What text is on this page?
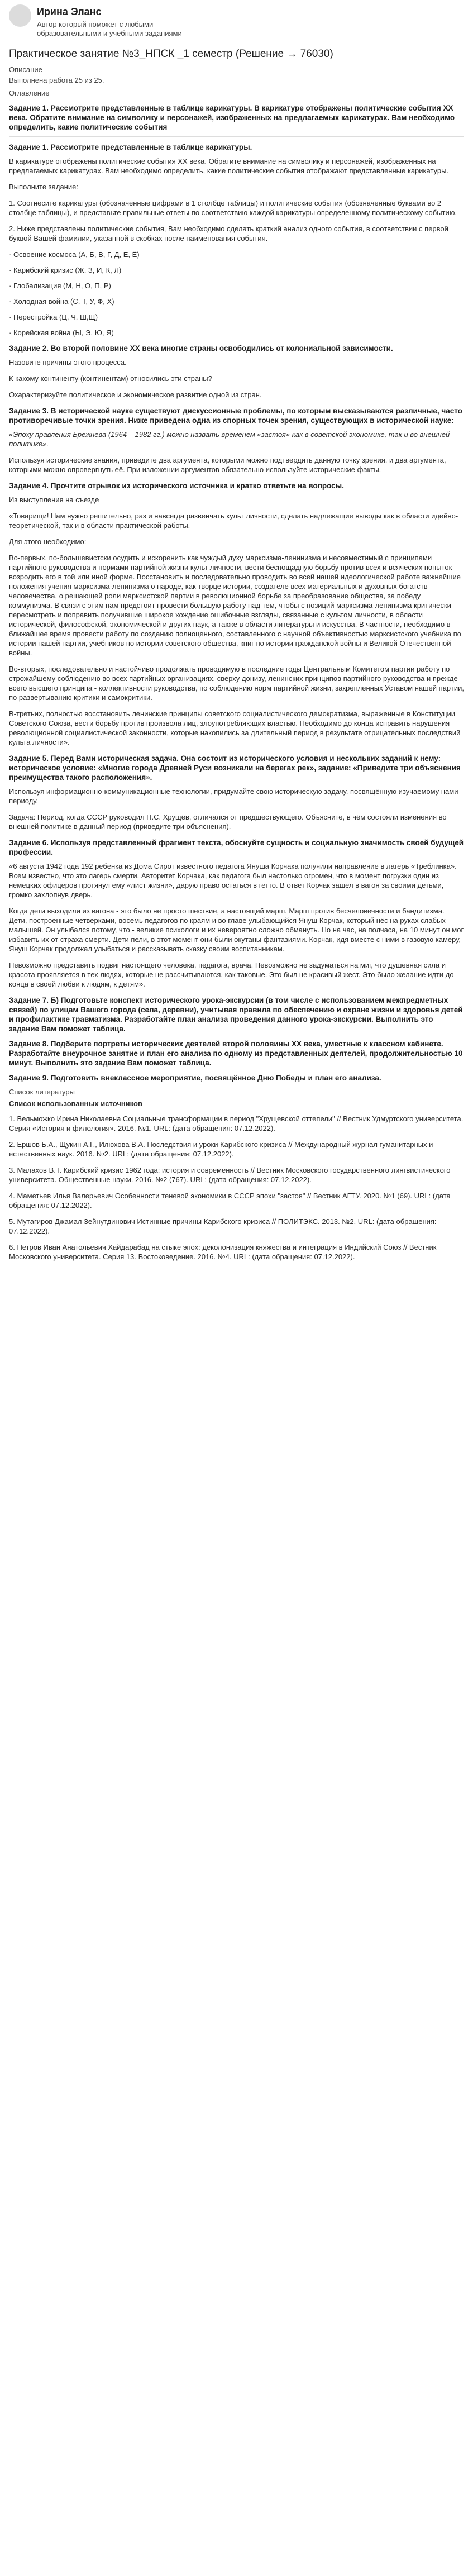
Ирина Эланс
Автор который поможет с любыми образовательными и учебными заданиями
Практическое занятие №3_НПСК _1 семестр (Решение → 76030)
Описание
Выполнена работа 25 из 25.
Оглавление
Задание 1. Рассмотрите представленные в таблице карикатуры. В карикатуре отображены политические события ХХ века. Обратите внимание на символику и персонажей, изображенных на предлагаемых карикатурах. Вам необходимо определить, какие политические события
Задание 1. Рассмотрите представленные в таблице карикатуры.

В карикатуре отображены политические события ХХ века. Обратите внимание на символику и персонажей, изображенных на предлагаемых карикатурах. Вам необходимо определить, какие политические события отображают представленные карикатуры.

Выполните задание:

1. Соотнесите карикатуры (обозначенные цифрами в 1 столбце таблицы) и политические события (обозначенные буквами во 2 столбце таблицы), и представьте правильные ответы по соответствию каждой карикатуры определенному политическому событию.

2. Ниже представлены политические события, Вам необходимо сделать краткий анализ одного события, в соответствии с первой буквой Вашей фамилии, указанной в скобках после наименования события.

· Освоение космоса (А, Б, В, Г, Д, Е, Ё)
· Карибский кризис (Ж, З, И, К, Л)
· Глобализация (М, Н, О, П, Р)
· Холодная война (С, Т, У, Ф, Х)
· Перестройка (Ц, Ч, Ш,Щ)
· Корейская война (Ы, Э, Ю, Я)
Задание 2. Во второй половине ХХ века многие страны освободились от колониальной зависимости.

Назовите причины этого процесса.

К какому континенту (континентам) относились эти страны?

Охарактеризуйте политическое и экономическое развитие одной из стран.

Задание 3. В исторической науке существуют дискуссионные проблемы, по которым высказываются различные, часто противоречивые точки зрения. Ниже приведена одна из спорных точек зрения, существующих в исторической науке:

«Эпоху правления Брежнева (1964 – 1982 гг.) можно назвать временем «застоя» как в советской экономике, так и во внешней политике».

Используя исторические знания, приведите два аргумента, которыми можно подтвердить данную точку зрения, и два аргумента, которыми можно опровергнуть её. При изложении аргументов обязательно используйте исторические факты.

Задание 4. Прочтите отрывок из исторического источника и кратко ответьте на вопросы.

Из выступления на съезде

«Товарищи! Нам нужно решительно, раз и навсегда развенчать культ личности, сделать надлежащие выводы как в области идейно-теоретической, так и в области практической работы.

Для этого необходимо:

Во-первых, по-большевистски осудить и искоренить как чуждый духу марксизма-ленинизма и несовместимый с принципами партийного руководства и нормами партийной жизни культ личности, вести беспощадную борьбу против всех и всяческих попыток возродить его в той или иной форме. Восстановить и последовательно проводить во всей нашей идеологической работе важнейшие положения учения марксизма-ленинизма о народе, как творце истории, создателе всех материальных и духовных богатств человечества, о решающей роли марксистской партии в революционной борьбе за преобразование общества, за победу коммунизма. В связи с этим нам предстоит провести большую работу над тем, чтобы с позиций марксизма-ленинизма критически пересмотреть и поправить получившие широкое хождение ошибочные взгляды, связанные с культом личности, в области исторической, философской, экономической и других наук, а также в области литературы и искусства. В частности, необходимо в ближайшее время провести работу по созданию полноценного, составленного с научной объективностью марксистского учебника по истории нашей партии, учебников по истории советского общества, книг по истории гражданской войны и Великой Отечественной войны.

Во-вторых, последовательно и настойчиво продолжать проводимую в последние годы Центральным Комитетом партии работу по строжайшему соблюдению во всех партийных организациях, сверху донизу, ленинских принципов партийного руководства и прежде всего высшего принципа - коллективности руководства, по соблюдению норм партийной жизни, закрепленных Уставом нашей партии, по развертыванию критики и самокритики.

В-третьих, полностью восстановить ленинские принципы советского социалистического демократизма, выраженные в Конституции Советского Союза, вести борьбу против произвола лиц, злоупотребляющих властью. Необходимо до конца исправить нарушения революционной социалистической законности, которые накопились за длительный период в результате отрицательных последствий культа личности».

Задание 5. Перед Вами историческая задача. Она состоит из исторического условия и нескольких заданий к нему: историческое условие: «Многие города Древней Руси возникали на берегах рек», задание: «Приведите три объяснения преимущества такого расположения».

Используя информационно-коммуникационные технологии, придумайте свою историческую задачу, посвящённую изучаемому нами периоду.

Задача: Период, когда СССР руководил Н.С. Хрущёв, отличался от предшествующего. Объясните, в чём состояли изменения во внешней политике в данный период (приведите три объяснения).

Задание 6. Используя представленный фрагмент текста, обоснуйте сущность и социальную значимость своей будущей профессии.

«6 августа 1942 года 192 ребенка из Дома Сирот известного педагога Януша Корчака получили направление в лагерь «Треблинка». Всем известно, что это лагерь смерти. Авторитет Корчака, как педагога был настолько огромен, что в момент погрузки один из немецких офицеров протянул ему «лист жизни», дарую право остаться в гетто. В ответ Корчак зашел в вагон за своими детьми, громко захлопнув дверь.

Когда дети выходили из вагона - это было не просто шествие, а настоящий марш. Марш против бесчеловечности и бандитизма. Дети, построенные четверками, восемь педагогов по краям и во главе улыбающийся Януш Корчак, который нёс на руках слабых малышей. Он улыбался потому, что - великие психологи и их невероятно сложно обмануть. Но на час, на полчаса, на 10 минут он мог избавить их от страха смерти. Дети пели, в этот момент они были окутаны фантазиями. Корчак, идя вместе с ними в газовую камеру, Януш Корчак продолжал улыбаться и рассказывать сказку своим воспитанникам.

Невозможно представить подвиг настоящего человека, педагога, врача. Невозможно не задуматься на миг, что душевная сила и красота проявляется в тех людях, которые не рассчитываются, как таковые. Это был не красивый жест. Это было желание идти до конца в своей любви к людям, к детям».

Задание 7. Б) Подготовьте конспект исторического урока-экскурсии (в том числе с использованием межпредметных связей) по улицам Вашего города (села, деревни), учитывая правила по обеспечению и охране жизни и здоровья детей и профилактике травматизма. Разработайте план анализа проведения данного урока-экскурсии. Выполнить это задание Вам поможет таблица.
Задание 8. Подберите портреты исторических деятелей второй половины ХХ века, уместные к классном кабинете. Разработайте внеурочное занятие и план его анализа по одному из представленных деятелей, продолжительностью 10 минут. Выполнить это задание Вам поможет таблица.
Задание 9. Подготовить внеклассное мероприятие, посвящённое Дню Победы и план его анализа.
Список литературы
Список использованных источников
1. Вельможко Ирина Николаевна Социальные трансформации в период "Хрущевской оттепели" // Вестник Удмуртского университета. Серия «История и филология». 2016. №1. URL: (дата обращения: 07.12.2022).
2. Ершов Б.А., Щукин А.Г., Илюхова В.А. Последствия и уроки Карибского кризиса // Международный журнал гуманитарных и естественных наук. 2016. №2. URL: (дата обращения: 07.12.2022).
3. Малахов В.Т. Карибский кризис 1962 года: история и современность // Вестник Московского государственного лингвистического университета. Общественные науки. 2016. №2 (767). URL: (дата обращения: 07.12.2022).
4. Маметьев Илья Валерьевич Особенности теневой экономики в СССР эпохи "застоя" // Вестник АГТУ. 2020. №1 (69). URL: (дата обращения: 07.12.2022).
5. Мутагиров Джамал Зейнутдинович Истинные причины Карибского кризиса // ПОЛИТЭКС. 2013. №2. URL: (дата обращения: 07.12.2022).
6. Петров Иван Анатольевич Хайдарабад на стыке эпох: деколонизация княжества и интеграция в Индийский Союз // Вестник Московского университета. Серия 13. Востоковедение. 2016. №4. URL: (дата обращения: 07.12.2022).
